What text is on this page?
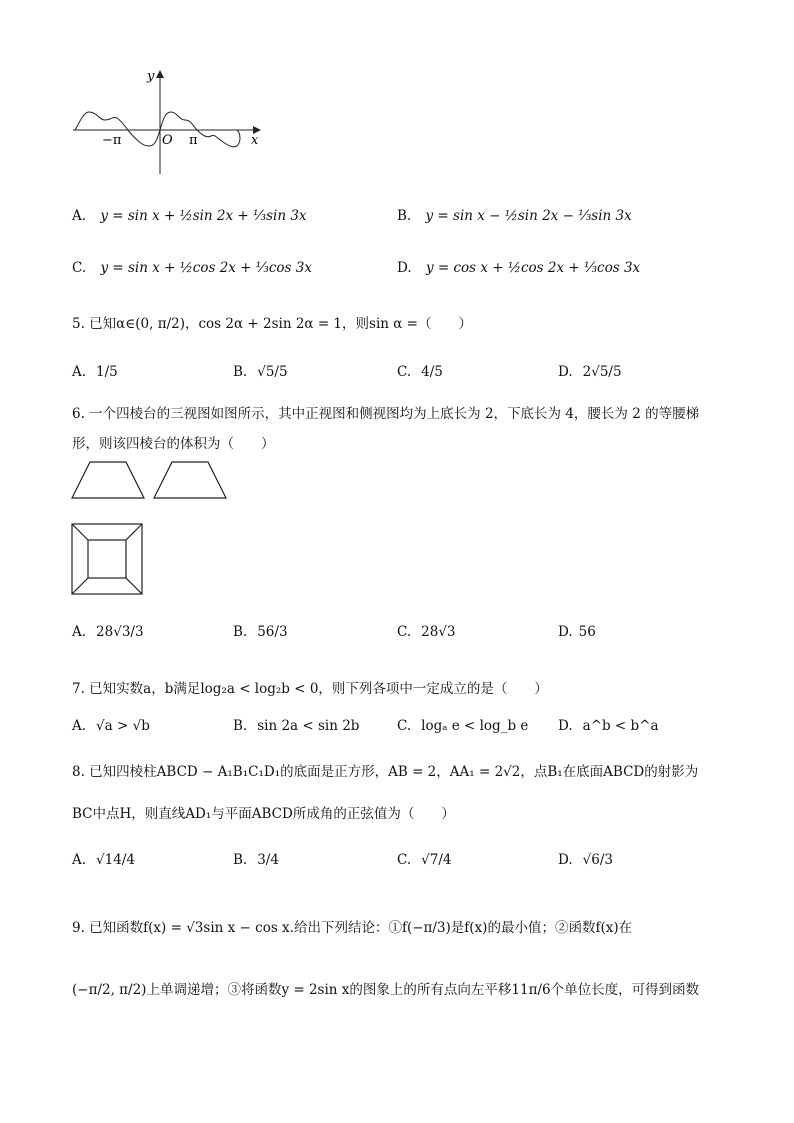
y
x
O
−π	π
A. y = sin x + ½sin 2x + ⅓sin 3x	B. y = sin x − ½sin 2x − ⅓sin 3x
C. y = sin x + ½cos 2x + ⅓cos 3x	D. y = cos x + ½cos 2x + ⅓cos 3x
5. 已知α∈(0, π/2)，cos 2α + 2sin 2α = 1，则sin α =（　　）
A. 1/5	B. √5/5	C. 4/5	D. 2√5/5
6. 一个四棱台的三视图如图所示，其中正视图和侧视图均为上底长为 2，下底长为 4，腰长为 2 的等腰梯
形，则该四棱台的体积为（　　）
A. 28√3/3	B. 56/3	C. 28√3	D. 56
7. 已知实数a，b满足log₂a < log₂b < 0，则下列各项中一定成立的是（　　）
A. √a > √b	B. sin 2a < sin 2b	C. logₐ e < log_b e D. a^b < b^a
8. 已知四棱柱ABCD − A₁B₁C₁D₁的底面是正方形，AB = 2，AA₁ = 2√2，点B₁在底面ABCD的射影为
BC中点H，则直线AD₁与平面ABCD所成角的正弦值为（　　）
A. √14/4	B. 3/4	C. √7/4	D. √6/3
9. 已知函数f(x) = √3sin x − cos x.给出下列结论：①f(−π/3)是f(x)的最小值；②函数f(x)在
(−π/2, π/2)上单调递增；③将函数y = 2sin x的图象上的所有点向左平移11π/6个单位长度，可得到函数
